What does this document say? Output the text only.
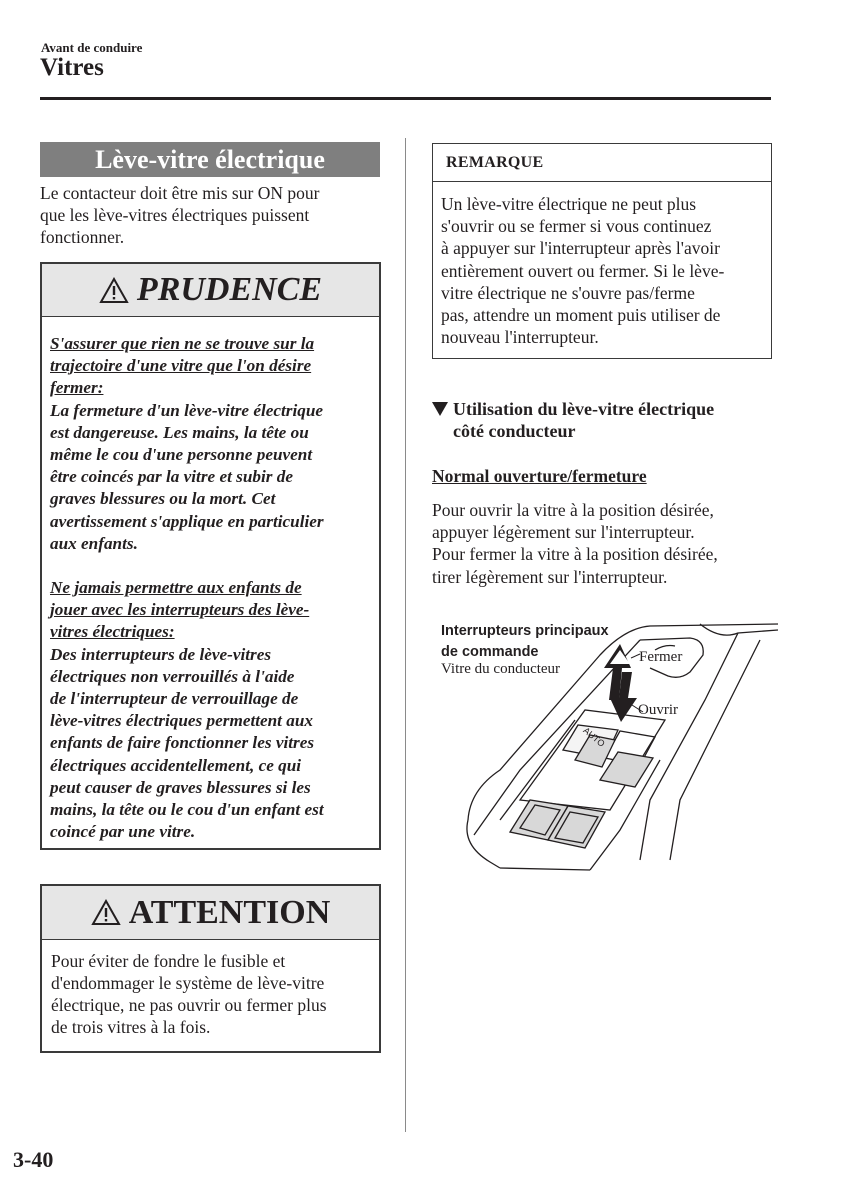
Avant de conduire
Vitres
Lève-vitre électrique
Le contacteur doit être mis sur ON pour
que les lève-vitres électriques puissent
fonctionner.
PRUDENCE
S'assurer que rien ne se trouve sur la
trajectoire d'une vitre que l'on désire
fermer:
La fermeture d'un lève-vitre électrique
est dangereuse. Les mains, la tête ou
même le cou d'une personne peuvent
être coincés par la vitre et subir de
graves blessures ou la mort. Cet
avertissement s'applique en particulier
aux enfants.
Ne jamais permettre aux enfants de
jouer avec les interrupteurs des lève-
vitres électriques:
Des interrupteurs de lève-vitres
électriques non verrouillés à l'aide
de l'interrupteur de verrouillage de
lève-vitres électriques permettent aux
enfants de faire fonctionner les vitres
électriques accidentellement, ce qui
peut causer de graves blessures si les
mains, la tête ou le cou d'un enfant est
coincé par une vitre.
ATTENTION
Pour éviter de fondre le fusible et
d'endommager le système de lève-vitre
électrique, ne pas ouvrir ou fermer plus
de trois vitres à la fois.
REMARQUE
Un lève-vitre électrique ne peut plus
s'ouvrir ou se fermer si vous continuez
à appuyer sur l'interrupteur après l'avoir
entièrement ouvert ou fermer. Si le lève-
vitre électrique ne s'ouvre pas/ferme
pas, attendre un moment puis utiliser de
nouveau l'interrupteur.
Utilisation du lève-vitre électrique
côté conducteur
Normal ouverture/fermeture
Pour ouvrir la vitre à la position désirée,
appuyer légèrement sur l'interrupteur.
Pour fermer la vitre à la position désirée,
tirer légèrement sur l'interrupteur.
AUTO
Interrupteurs principaux
de commande
Vitre du conducteur
Fermer
Ouvrir
3-40
